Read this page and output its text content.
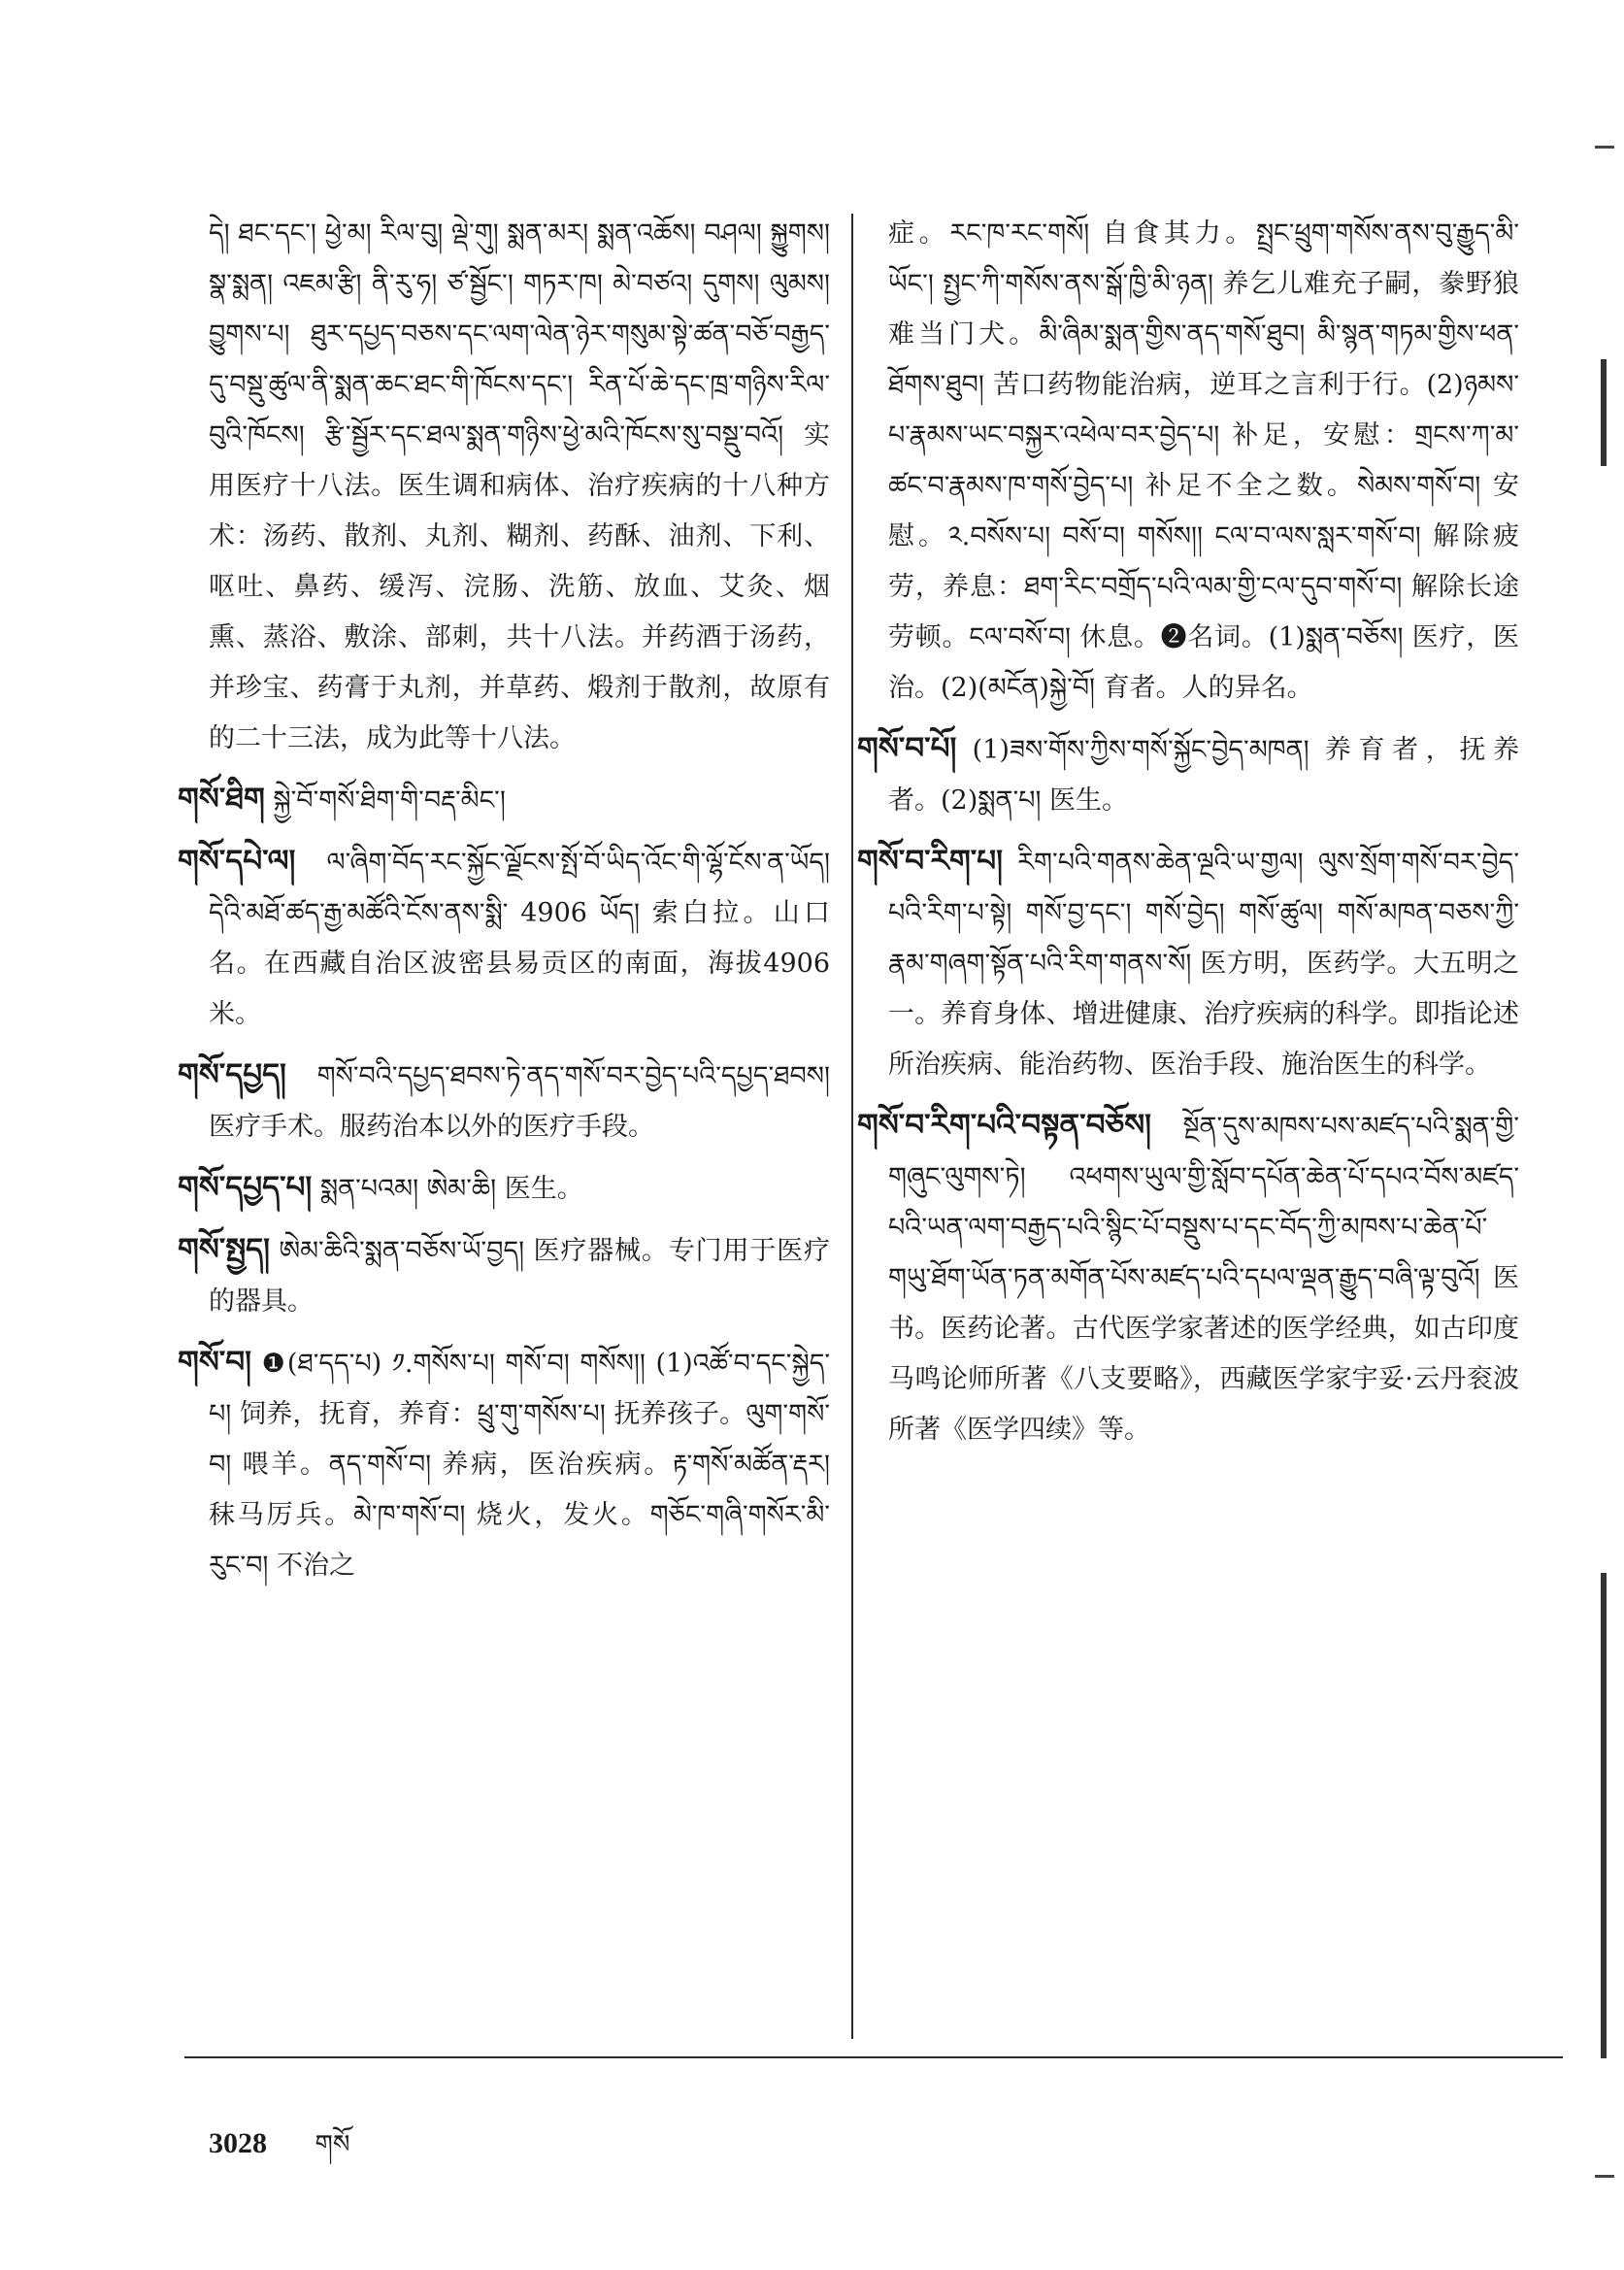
དེ། ཐང་དང་། ཕྱེ་མ། རིལ་བུ། ལྡེ་གུ། སྨན་མར། སྨན་འཆོས། བཤལ། སྐྱུགས། སྣ་སྨན། འཇམ་རྩི། ནི་རུ་ཧ། ཙ་སྦྱོང་། གཏར་ཁ། མེ་བཙའ། དུགས། ལུམས། བྱུགས་པ། ཐུར་དཔྱད་བཅས་དང་ལག་ལེན་ཉེར་གསུམ་སྟེ་ཚན་བཅོ་བརྒྱད་དུ་བསྡུ་ཚུལ་ནི་སྨན་ཆང་ཐང་གི་ཁོངས་དང་། རིན་པོ་ཆེ་དང་ཁྲ་གཉིས་རིལ་བུའི་ཁོངས། རྩི་སྦྱོར་དང་ཐལ་སྨན་གཉིས་ཕྱེ་མའི་ཁོངས་སུ་བསྡུ་བའོ། 实用医疗十八法。医生调和病体、治疗疾病的十八种方术：汤药、散剂、丸剂、糊剂、药酥、油剂、下利、呕吐、鼻药、缓泻、浣肠、洗筋、放血、艾灸、烟熏、蒸浴、敷涂、部刺，共十八法。并药酒于汤药，并珍宝、药膏于丸剂，并草药、煅剂于散剂，故原有的二十三法，成为此等十八法。

གསོ་ཐིག སྐྱེ་བོ་གསོ་ཐིག་གི་བརྡ་མིང་།

གསོ་དཔེ་ལ། ལ་ཞིག་བོད་རང་སྐྱོང་ལྗོངས་སྤོ་བོ་ཡིད་འོང་གི་ལྷོ་ངོས་ན་ཡོད། དེའི་མཐོ་ཚད་རྒྱ་མཚོའི་ངོས་ནས་སྨི་ 4906 ཡོད། 索白拉。山口名。在西藏自治区波密县易贡区的南面，海拔4906米。

གསོ་དཔྱད། གསོ་བའི་དཔྱད་ཐབས་ཏེ་ནད་གསོ་བར་བྱེད་པའི་དཔྱད་ཐབས། 医疗手术。服药治本以外的医疗手段。

གསོ་དཔྱད་པ། སྨན་པའམ། ཨེམ་ཆི། 医生。

གསོ་སྤྱད། ཨེམ་ཆིའི་སྨན་བཅོས་ཡོ་བྱད། 医疗器械。专门用于医疗的器具。

གསོ་བ། ❶(ཐ་དད་པ) ༡.གསོས་པ། གསོ་བ། གསོས།། (1)འཚོ་བ་དང་སྐྱེད་པ། 饲养，抚育，养育：ཕྲུ་གུ་གསོས་པ། 抚养孩子。ལུག་གསོ་བ། 喂羊。ནད་གསོ་བ། 养病，医治疾病。རྟ་གསོ་མཚོན་རྡར། 秣马厉兵。མེ་ཁ་གསོ་བ། 烧火，发火。གཅོང་གཞི་གསོར་མི་རུང་བ། 不治之

症。རང་ཁ་རང་གསོ། 自食其力。སྤྲང་ཕྲུག་གསོས་ནས་བུ་རྒྱུད་མི་ཡོང་། སྤྱང་ཀི་གསོས་ནས་སྒོ་ཁྱི་མི་ཉན། 养乞儿难充子嗣，豢野狼难当门犬。མི་ཞིམ་སྨན་གྱིས་ནད་གསོ་ཐུབ། མི་སྙན་གཏམ་གྱིས་ཕན་ཐོགས་ཐུབ། 苦口药物能治病，逆耳之言利于行。(2)ཉམས་པ་རྣམས་ཡང་བསྐྱར་འཕེལ་བར་བྱེད་པ། 补足，安慰：གྲངས་ཀ་མ་ཚང་བ་རྣམས་ཁ་གསོ་བྱེད་པ། 补足不全之数。སེམས་གསོ་བ། 安慰。༢.བསོས་པ། བསོ་བ། གསོས།། ངལ་བ་ལས་སླར་གསོ་བ། 解除疲劳，养息：ཐག་རིང་བགྲོད་པའི་ལམ་གྱི་ངལ་དུབ་གསོ་བ། 解除长途劳顿。ངལ་བསོ་བ། 休息。❷名词。(1)སྨན་བཅོས། 医疗，医治。(2)(མངོན)སྐྱེ་བོ། 育者。人的异名。

གསོ་བ་པོ། (1)ཟས་གོས་ཀྱིས་གསོ་སྐྱོང་བྱེད་མཁན། 养育者，抚养者。(2)སྨན་པ། 医生。

གསོ་བ་རིག་པ། རིག་པའི་གནས་ཆེན་ལྔའི་ཡ་གྱལ། ལུས་སྲོག་གསོ་བར་བྱེད་པའི་རིག་པ་སྟེ། གསོ་བྱ་དང་། གསོ་བྱེད། གསོ་ཚུལ། གསོ་མཁན་བཅས་ཀྱི་རྣམ་གཞག་སྟོན་པའི་རིག་གནས་སོ། 医方明，医药学。大五明之一。养育身体、增进健康、治疗疾病的科学。即指论述所治疾病、能治药物、医治手段、施治医生的科学。

གསོ་བ་རིག་པའི་བསྟན་བཅོས། སྔོན་དུས་མཁས་པས་མཛད་པའི་སྨན་གྱི་གཞུང་ལུགས་ཏེ། འཕགས་ཡུལ་གྱི་སློབ་དཔོན་ཆེན་པོ་དཔའ་བོས་མཛད་པའི་ཡན་ལག་བརྒྱད་པའི་སྙིང་པོ་བསྡུས་པ་དང་བོད་ཀྱི་མཁས་པ་ཆེན་པོ་གཡུ་ཐོག་ཡོན་ཏན་མགོན་པོས་མཛད་པའི་དཔལ་ལྡན་རྒྱུད་བཞི་ལྟ་བུའོ། 医书。医药论著。古代医学家著述的医学经典，如古印度马鸣论师所著《八支要略》，西藏医学家宇妥·云丹衮波所著《医学四续》等。

3028 གསོ
